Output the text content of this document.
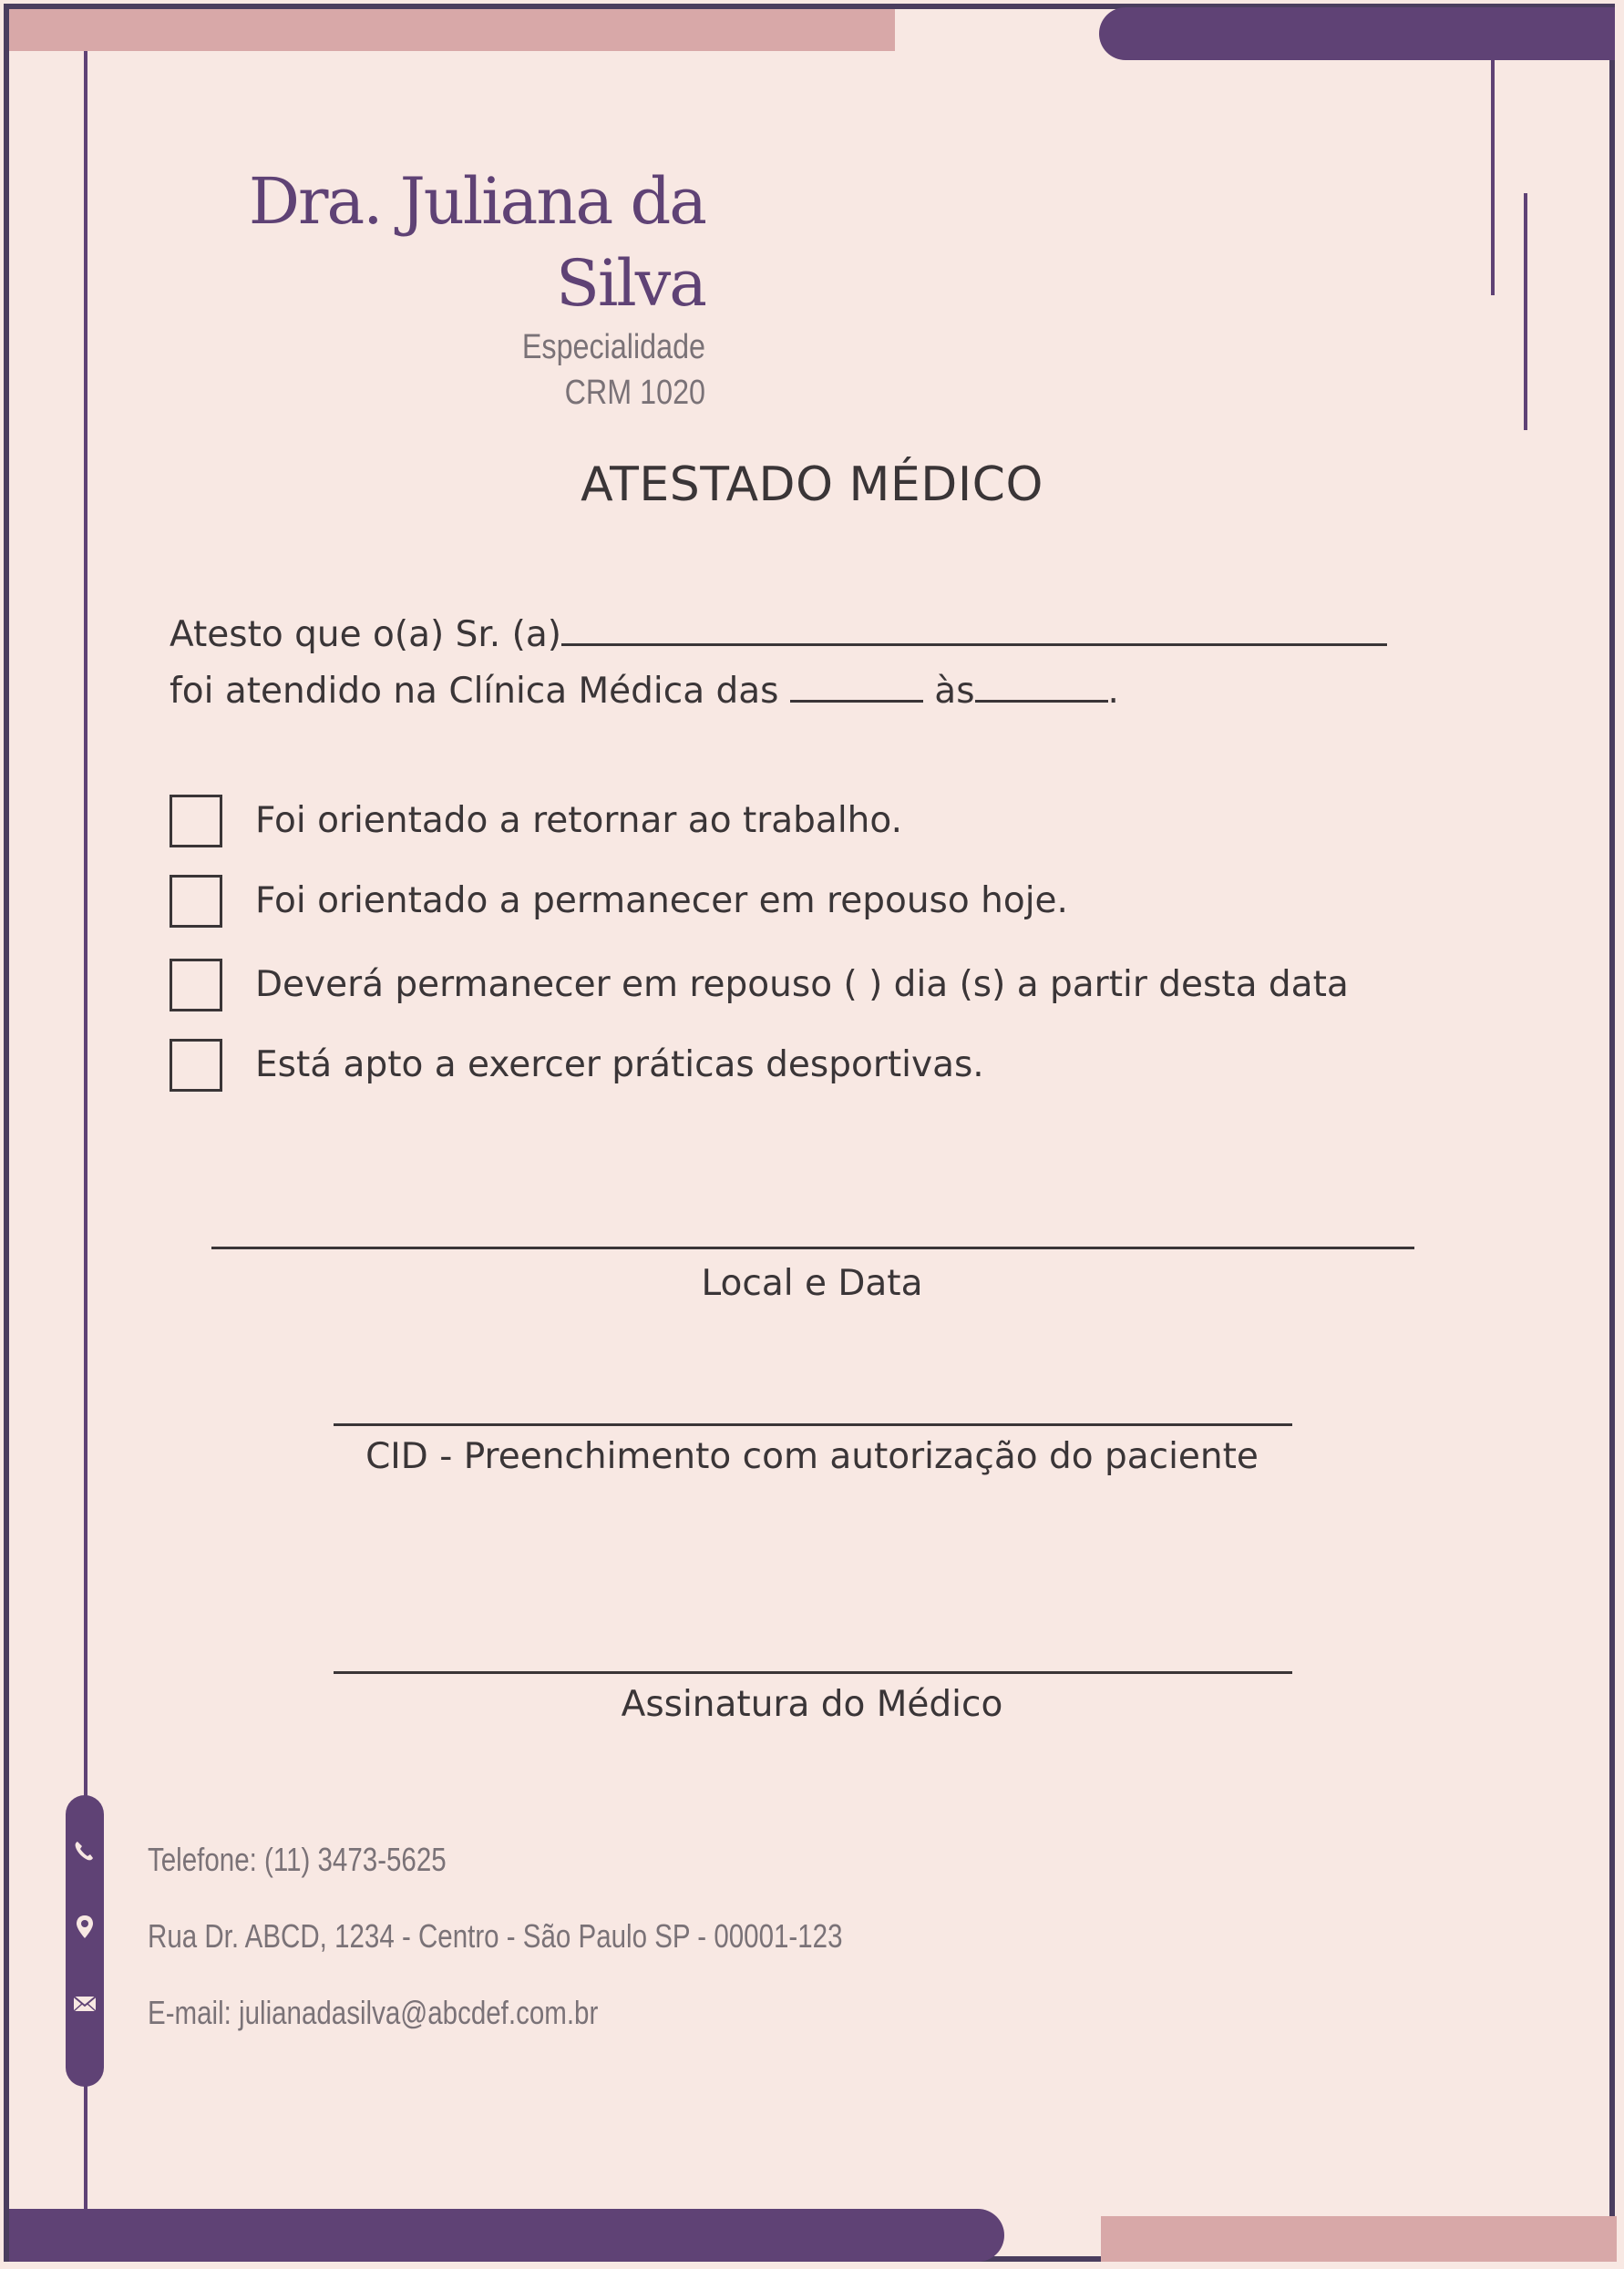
Dra. Juliana da Silva
Especialidade
CRM 1020
ATESTADO MÉDICO
Atesto que o(a) Sr. (a)
foi atendido na Clínica Médica das	às	.
Foi orientado a retornar ao trabalho.
Foi orientado a permanecer em repouso hoje.
Deverá permanecer em repouso ( ) dia (s) a partir desta data
Está apto a exercer práticas desportivas.
Local e Data
CID - Preenchimento com autorização do paciente
Assinatura do Médico
Telefone: (11) 3473-5625
Rua Dr. ABCD, 1234 - Centro - São Paulo SP - 00001-123
E-mail: julianadasilva@abcdef.com.br
